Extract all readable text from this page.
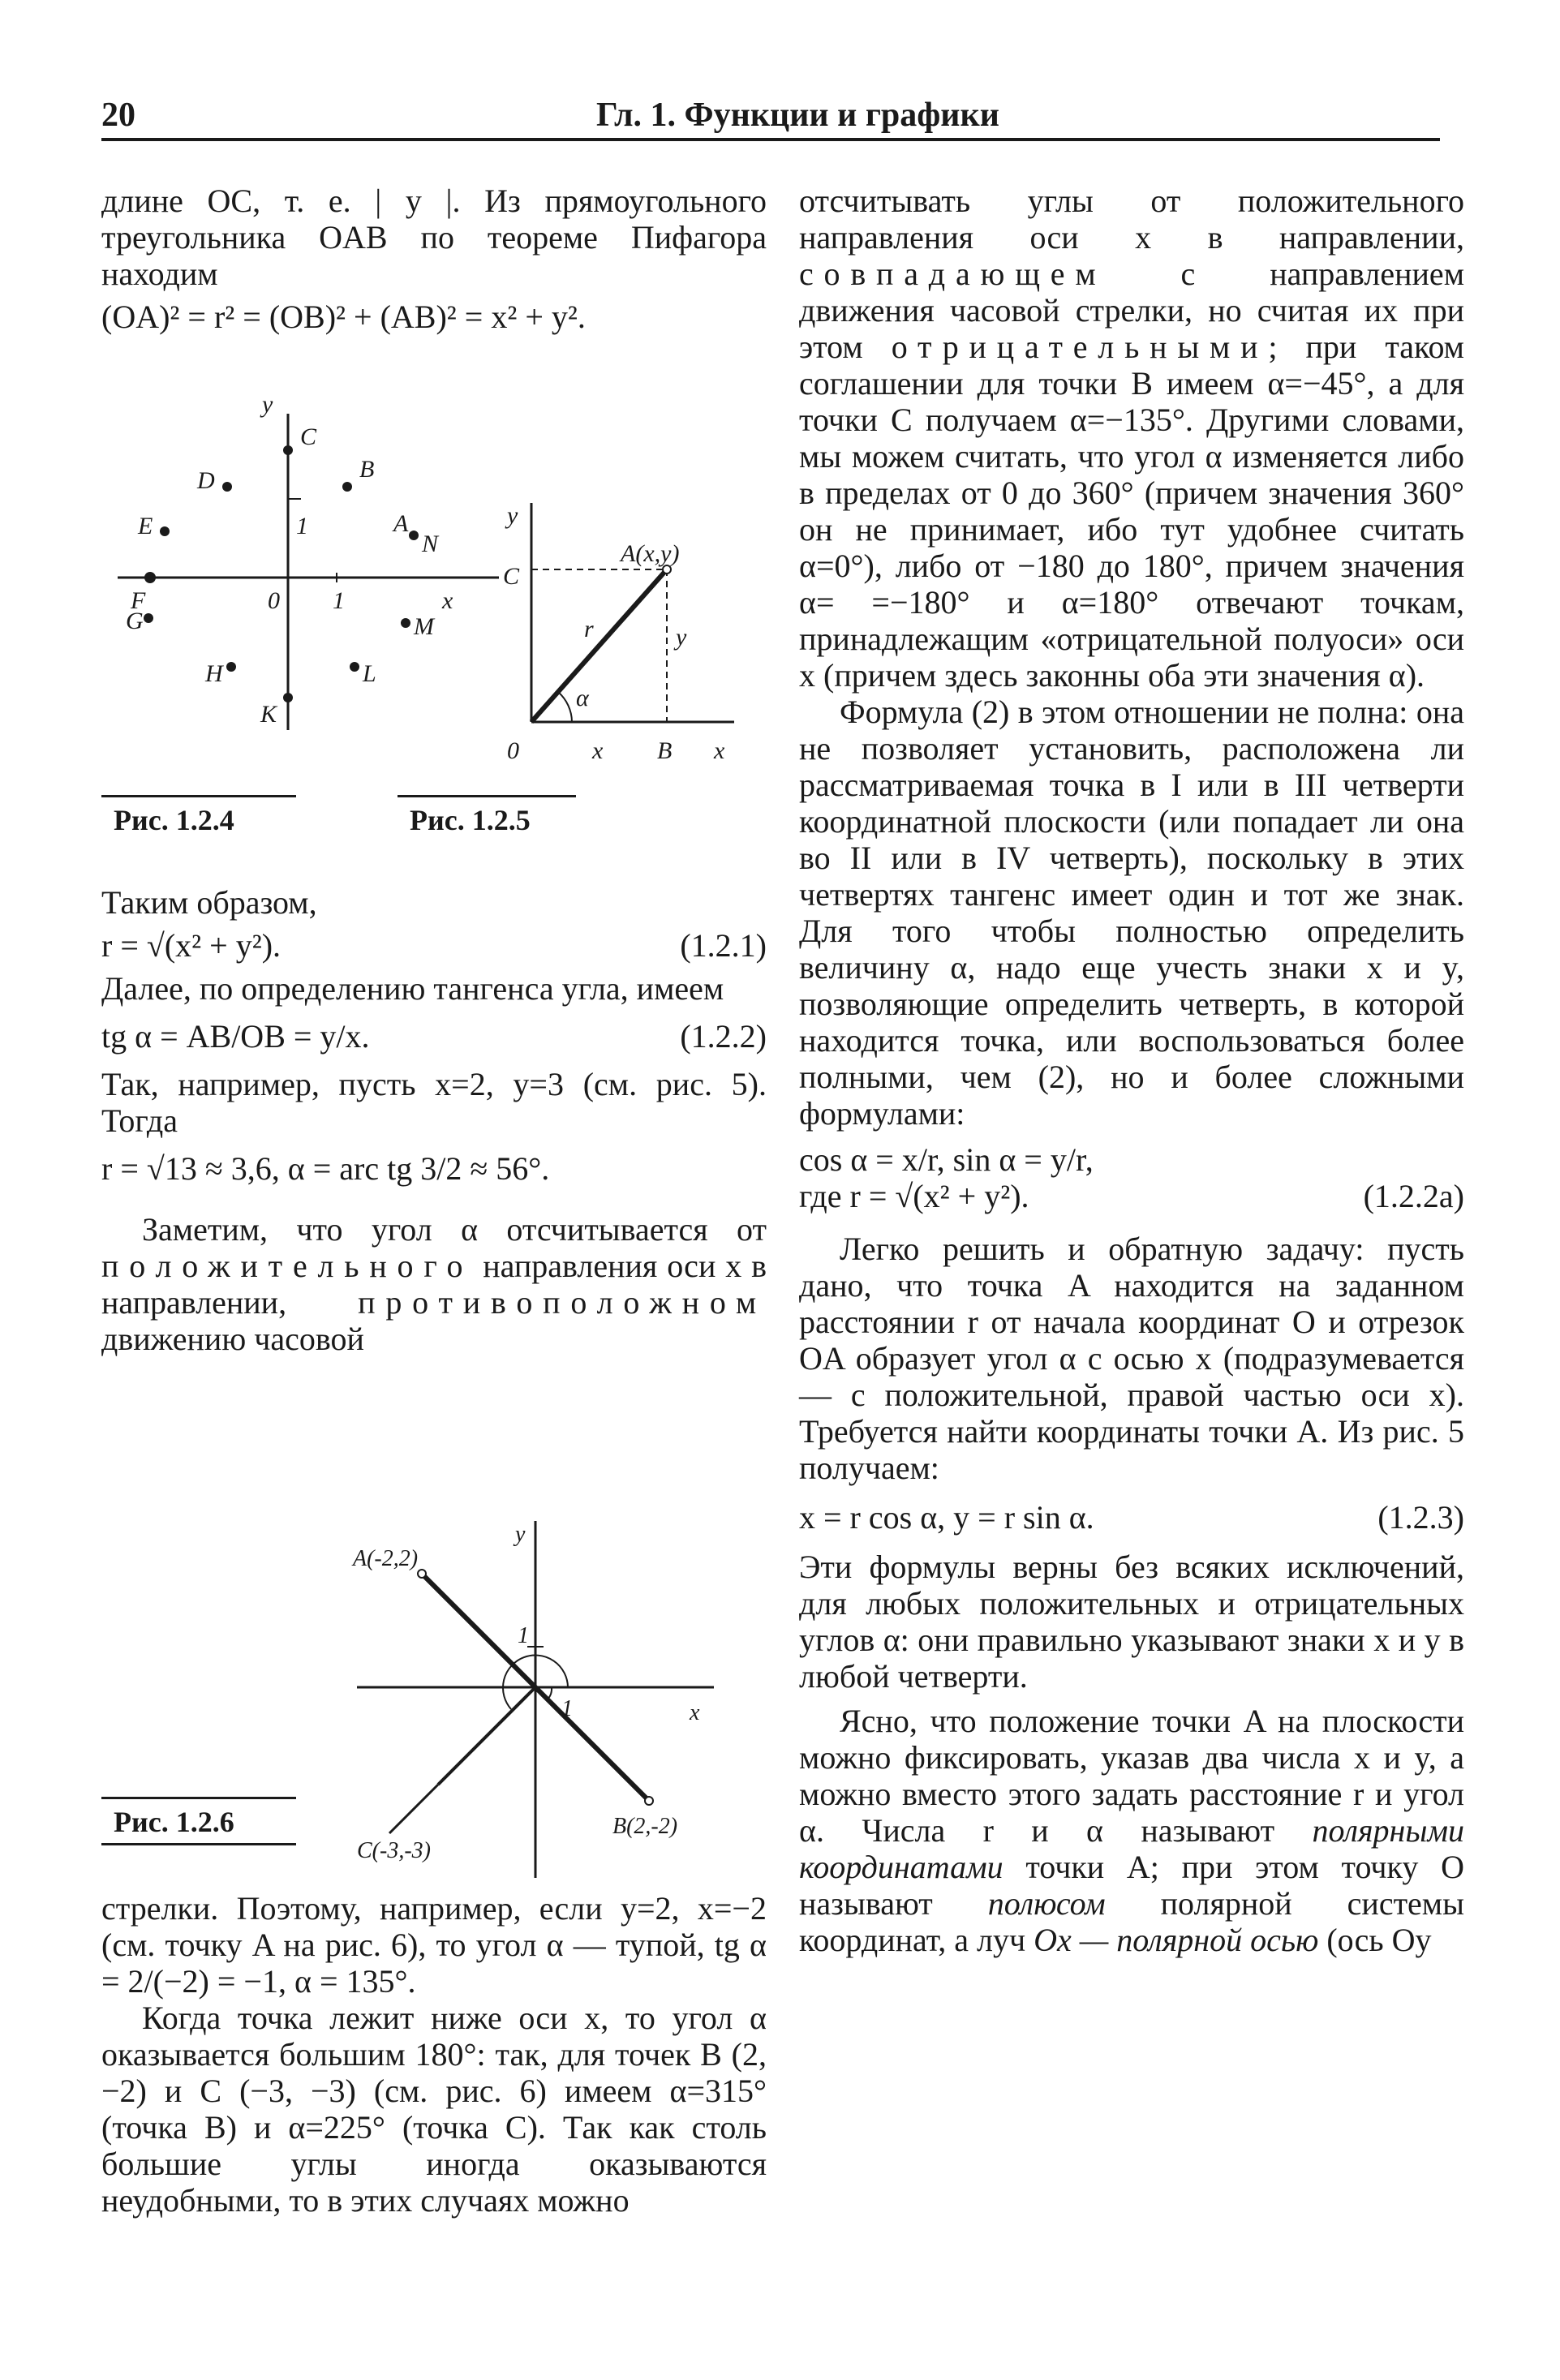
20	Гл. 1. Функции и графики

длине OC, т. е. | y |. Из прямоугольного треугольника OAB по теореме Пифагора находим

(OA)² = r² = (OB)² + (AB)² = x² + y².
y
C
D	B
E	1	A
N
F	0 1	x
G	M
H	L
K
y
A(x,y)
C
r	y
α
0	x B x
Рис. 1.2.4	Рис. 1.2.5

Таким образом,

r = √(x² + y²).	(1.2.1)

Далее, по определению тангенса угла, имеем

tg α = AB/OB = y/x.	(1.2.2)

Так, например, пусть x=2, y=3 (см. рис. 5). Тогда

r = √13 ≈ 3,6, α = arc tg 3/2 ≈ 56°.

Заметим, что угол α отсчитывается от положительного направления оси x в направлении, противоположном движению часовой

y
A(-2,2)
1
1	x
B(2,-2)
C(-3,-3)
Рис. 1.2.6

стрелки. Поэтому, например, если y=2, x=−2 (см. точку A на рис. 6), то угол α — тупой, tg α = 2/(−2) = −1, α = 135°.

Когда точка лежит ниже оси x, то угол α оказывается большим 180°: так, для точек B (2, −2) и C (−3, −3) (см. рис. 6) имеем α=315° (точка B) и α=225° (точка C). Так как столь большие углы иногда оказываются неудобными, то в этих случаях можно

отсчитывать углы от положительного направления оси x в направлении, совпадающем с направлением движения часовой стрелки, но считая их при этом отрицательными; при таком соглашении для точки B имеем α=−45°, а для точки C получаем α=−135°. Другими словами, мы можем считать, что угол α изменяется либо в пределах от 0 до 360° (причем значения 360° он не принимает, ибо тут удобнее считать α=0°), либо от −180 до 180°, причем значения α= =−180° и α=180° отвечают точкам, принадлежащим «отрицательной полуоси» оси x (причем здесь законны оба эти значения α).

Формула (2) в этом отношении не полна: она не позволяет установить, расположена ли рассматриваемая точка в I или в III четверти координатной плоскости (или попадает ли она во II или в IV четверть), поскольку в этих четвертях тангенс имеет один и тот же знак. Для того чтобы полностью определить величину α, надо еще учесть знаки x и y, позволяющие определить четверть, в которой находится точка, или воспользоваться более полными, чем (2), но и более сложными формулами:

cos α = x/r, sin α = y/r,
где r = √(x² + y²).	(1.2.2а)

Легко решить и обратную задачу: пусть дано, что точка A находится на заданном расстоянии r от начала координат O и отрезок OA образует угол α с осью x (подразумевается — с положительной, правой частью оси x). Требуется найти координаты точки A. Из рис. 5 получаем:

x = r cos α, y = r sin α.	(1.2.3)

Эти формулы верны без всяких исключений, для любых положительных и отрицательных углов α: они правильно указывают знаки x и y в любой четверти.

Ясно, что положение точки A на плоскости можно фиксировать, указав два числа x и y, а можно вместо этого задать расстояние r и угол α. Числа r и α называют полярными координатами точки A; при этом точку O называют полюсом полярной системы координат, а луч Ox — полярной осью (ось Oy
